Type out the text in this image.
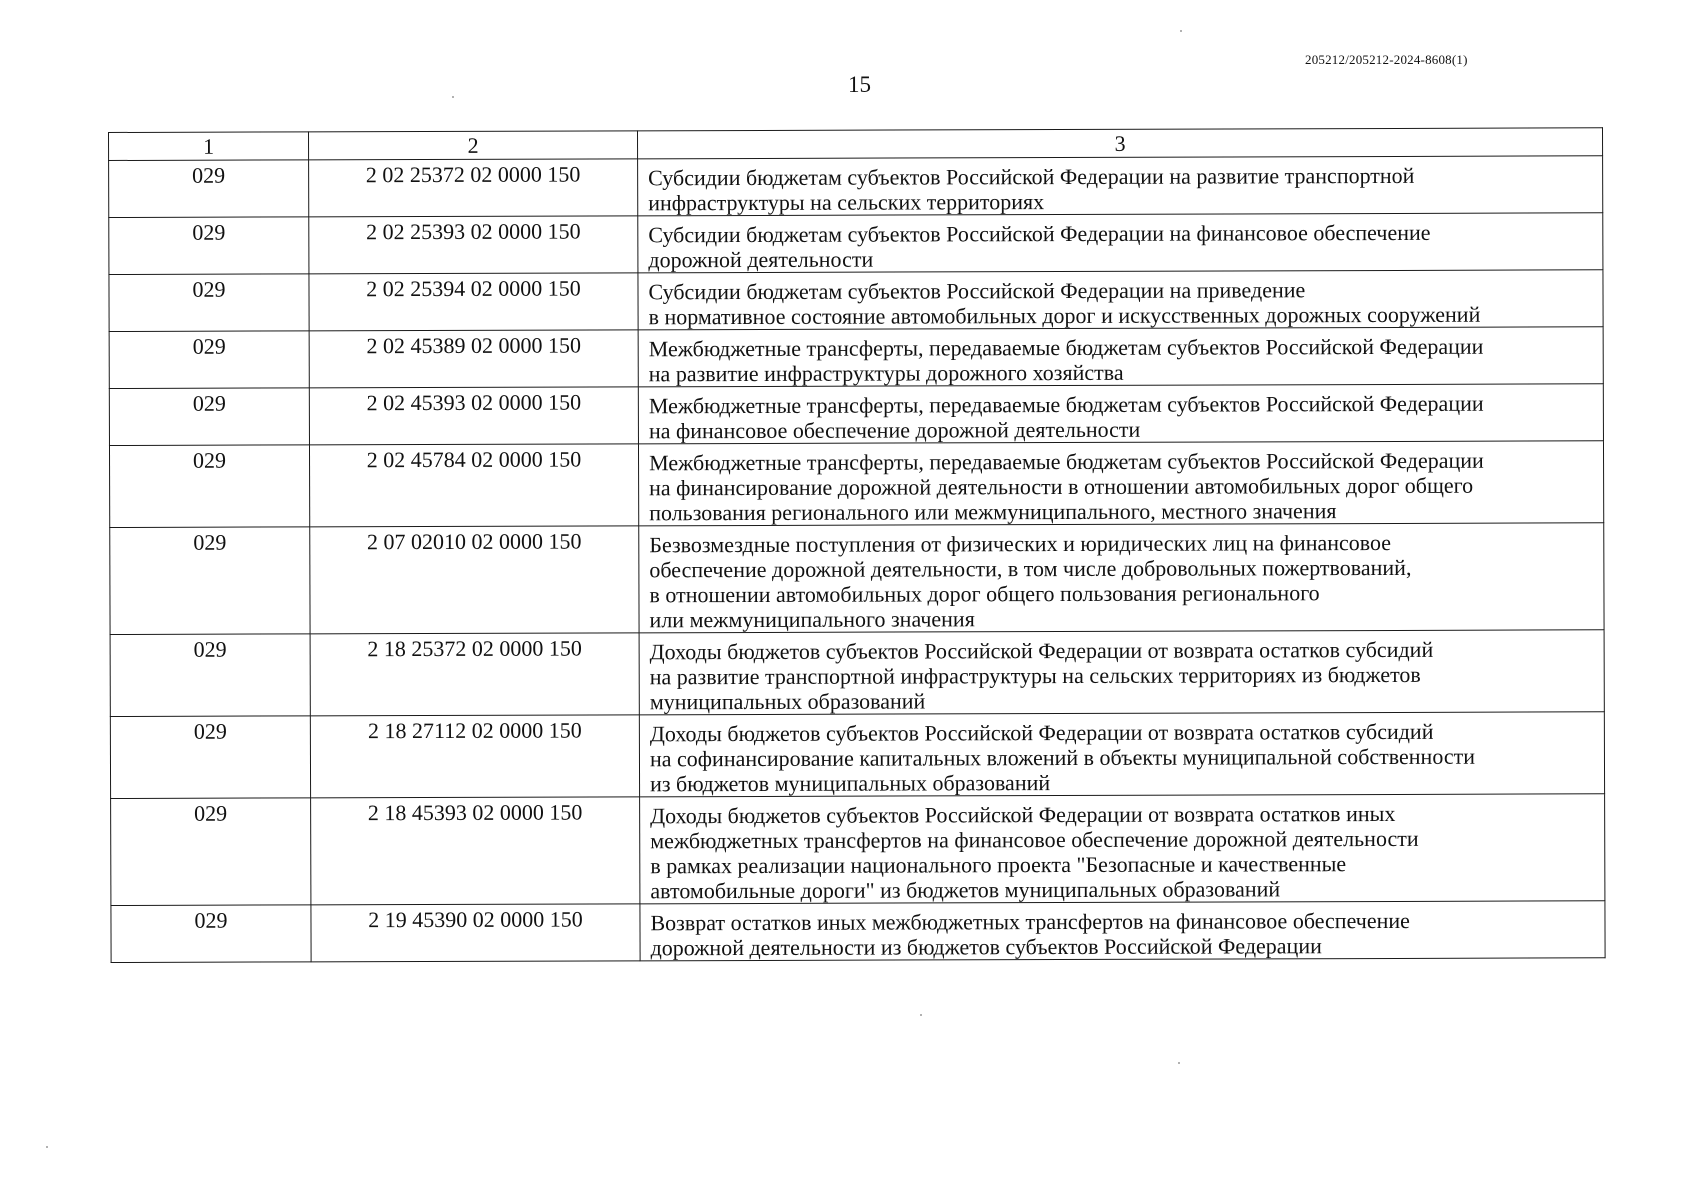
205212/205212-2024-8608(1)
15
1	2	3
029	2 02 25372 02 0000 150	Субсидии бюджетам субъектов Российской Федерации на развитие транспортной
инфраструктуры на сельских территориях

029	2 02 25393 02 0000 150	Субсидии бюджетам субъектов Российской Федерации на финансовое обеспечение
дорожной деятельности

029	2 02 25394 02 0000 150	Субсидии бюджетам субъектов Российской Федерации на приведение
в нормативное состояние автомобильных дорог и искусственных дорожных сооружений

029	2 02 45389 02 0000 150	Межбюджетные трансферты, передаваемые бюджетам субъектов Российской Федерации
на развитие инфраструктуры дорожного хозяйства

029	2 02 45393 02 0000 150	Межбюджетные трансферты, передаваемые бюджетам субъектов Российской Федерации
на финансовое обеспечение дорожной деятельности

029	2 02 45784 02 0000 150	Межбюджетные трансферты, передаваемые бюджетам субъектов Российской Федерации
на финансирование дорожной деятельности в отношении автомобильных дорог общего
пользования регионального или межмуниципального, местного значения

029	2 07 02010 02 0000 150	Безвозмездные поступления от физических и юридических лиц на финансовое
обеспечение дорожной деятельности, в том числе добровольных пожертвований,
в отношении автомобильных дорог общего пользования регионального
или межмуниципального значения

029	2 18 25372 02 0000 150	Доходы бюджетов субъектов Российской Федерации от возврата остатков субсидий
на развитие транспортной инфраструктуры на сельских территориях из бюджетов
муниципальных образований

029	2 18 27112 02 0000 150	Доходы бюджетов субъектов Российской Федерации от возврата остатков субсидий
на софинансирование капитальных вложений в объекты муниципальной собственности
из бюджетов муниципальных образований

029	2 18 45393 02 0000 150	Доходы бюджетов субъектов Российской Федерации от возврата остатков иных
межбюджетных трансфертов на финансовое обеспечение дорожной деятельности
в рамках реализации национального проекта "Безопасные и качественные
автомобильные дороги" из бюджетов муниципальных образований

029	2 19 45390 02 0000 150	Возврат остатков иных межбюджетных трансфертов на финансовое обеспечение
дорожной деятельности из бюджетов субъектов Российской Федерации
